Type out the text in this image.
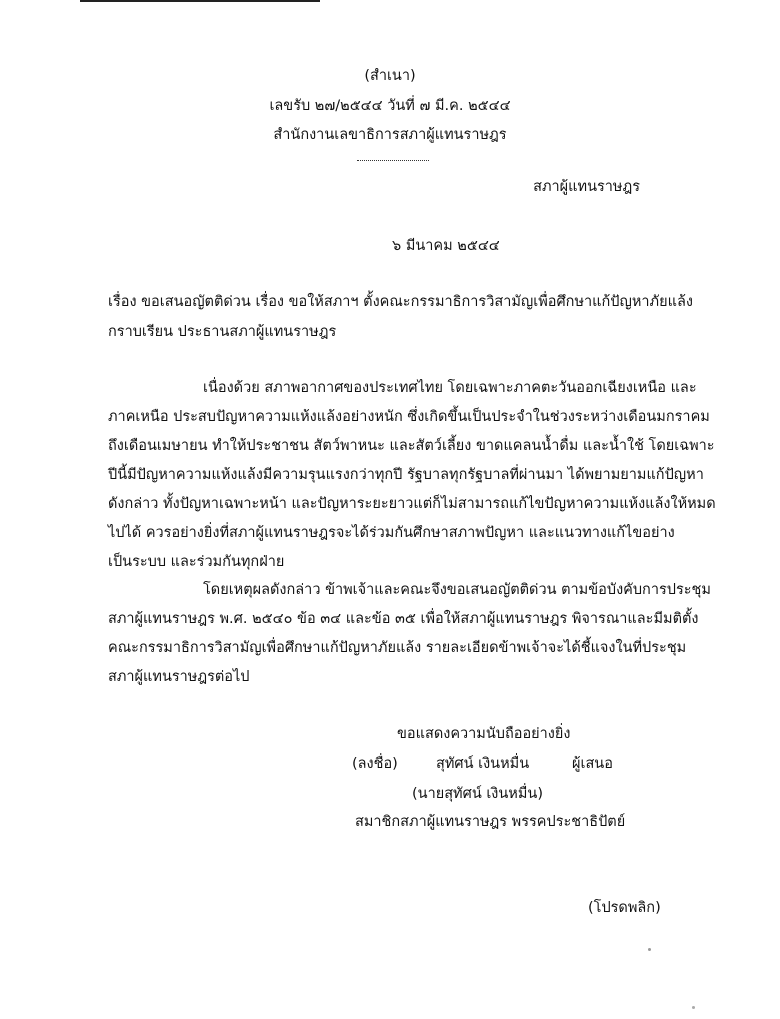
(สำเนา)
เลขรับ ๒๗/๒๕๔๔ วันที่ ๗ มี.ค. ๒๕๔๔
สำนักงานเลขาธิการสภาผู้แทนราษฎร
สภาผู้แทนราษฎร
๖ มีนาคม ๒๕๔๔
เรื่อง ขอเสนอญัตติด่วน เรื่อง ขอให้สภาฯ ตั้งคณะกรรมาธิการวิสามัญเพื่อศึกษาแก้ปัญหาภัยแล้ง
กราบเรียน ประธานสภาผู้แทนราษฎร
เนื่องด้วย สภาพอากาศของประเทศไทย โดยเฉพาะภาคตะวันออกเฉียงเหนือ และ
ภาคเหนือ ประสบปัญหาความแห้งแล้งอย่างหนัก ซึ่งเกิดขึ้นเป็นประจำในช่วงระหว่างเดือนมกราคม
ถึงเดือนเมษายน ทำให้ประชาชน สัตว์พาหนะ และสัตว์เลี้ยง ขาดแคลนน้ำดื่ม และน้ำใช้ โดยเฉพาะ
ปีนี้มีปัญหาความแห้งแล้งมีความรุนแรงกว่าทุกปี รัฐบาลทุกรัฐบาลที่ผ่านมา ได้พยามยามแก้ปัญหา
ดังกล่าว ทั้งปัญหาเฉพาะหน้า และปัญหาระยะยาวแต่ก็ไม่สามารถแก้ไขปัญหาความแห้งแล้งให้หมด
ไปได้ ควรอย่างยิ่งที่สภาผู้แทนราษฎรจะได้ร่วมกันศึกษาสภาพปัญหา และแนวทางแก้ไขอย่าง
เป็นระบบ และร่วมกันทุกฝ่าย
โดยเหตุผลดังกล่าว ข้าพเจ้าและคณะจึงขอเสนอญัตติด่วน ตามข้อบังคับการประชุม
สภาผู้แทนราษฎร พ.ศ. ๒๕๔๐ ข้อ ๓๔ และข้อ ๓๕ เพื่อให้สภาผู้แทนราษฎร พิจารณาและมีมติตั้ง
คณะกรรมาธิการวิสามัญเพื่อศึกษาแก้ปัญหาภัยแล้ง รายละเอียดข้าพเจ้าจะได้ชี้แจงในที่ประชุม
สภาผู้แทนราษฎรต่อไป
ขอแสดงความนับถืออย่างยิ่ง
(ลงชื่อ)	สุทัศน์ เงินหมื่น	ผู้เสนอ
(นายสุทัศน์ เงินหมื่น)
สมาชิกสภาผู้แทนราษฎร พรรคประชาธิปัตย์
(โปรดพลิก)
